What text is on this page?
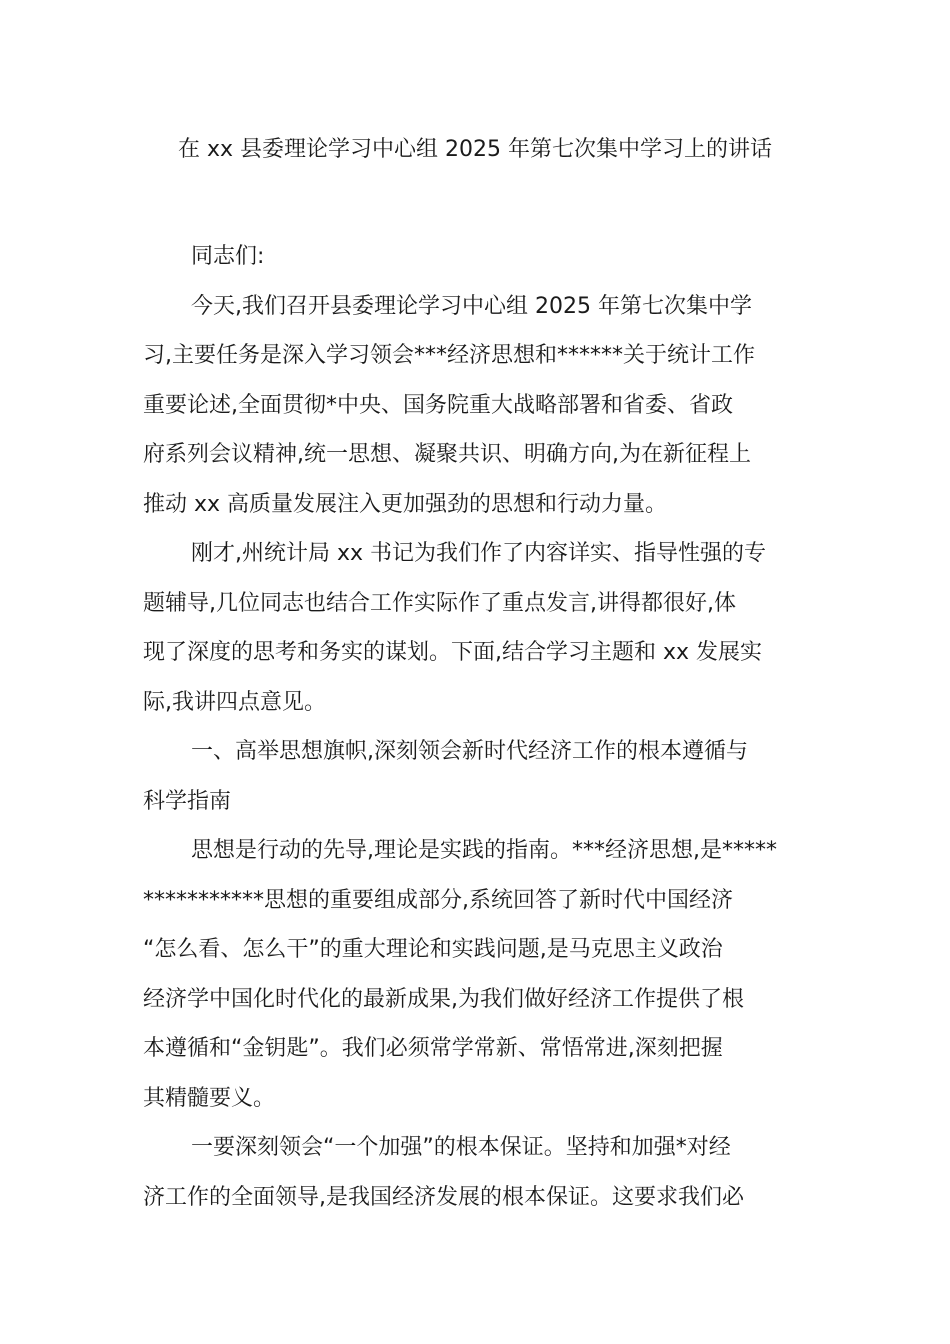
在 xx 县委理论学习中心组 2025 年第七次集中学习上的讲话
同志们:
今天,我们召开县委理论学习中心组 2025 年第七次集中学
习,主要任务是深入学习领会***经济思想和******关于统计工作
重要论述,全面贯彻*中央、国务院重大战略部署和省委、省政
府系列会议精神,统一思想、凝聚共识、明确方向,为在新征程上
推动 xx 高质量发展注入更加强劲的思想和行动力量。
刚才,州统计局 xx 书记为我们作了内容详实、指导性强的专
题辅导,几位同志也结合工作实际作了重点发言,讲得都很好,体
现了深度的思考和务实的谋划。下面,结合学习主题和 xx 发展实
际,我讲四点意见。
一、高举思想旗帜,深刻领会新时代经济工作的根本遵循与
科学指南
思想是行动的先导,理论是实践的指南。***经济思想,是*****
***********思想的重要组成部分,系统回答了新时代中国经济
“怎么看、怎么干”的重大理论和实践问题,是马克思主义政治
经济学中国化时代化的最新成果,为我们做好经济工作提供了根
本遵循和“金钥匙”。我们必须常学常新、常悟常进,深刻把握
其精髓要义。
一要深刻领会“一个加强”的根本保证。坚持和加强*对经
济工作的全面领导,是我国经济发展的根本保证。这要求我们必
